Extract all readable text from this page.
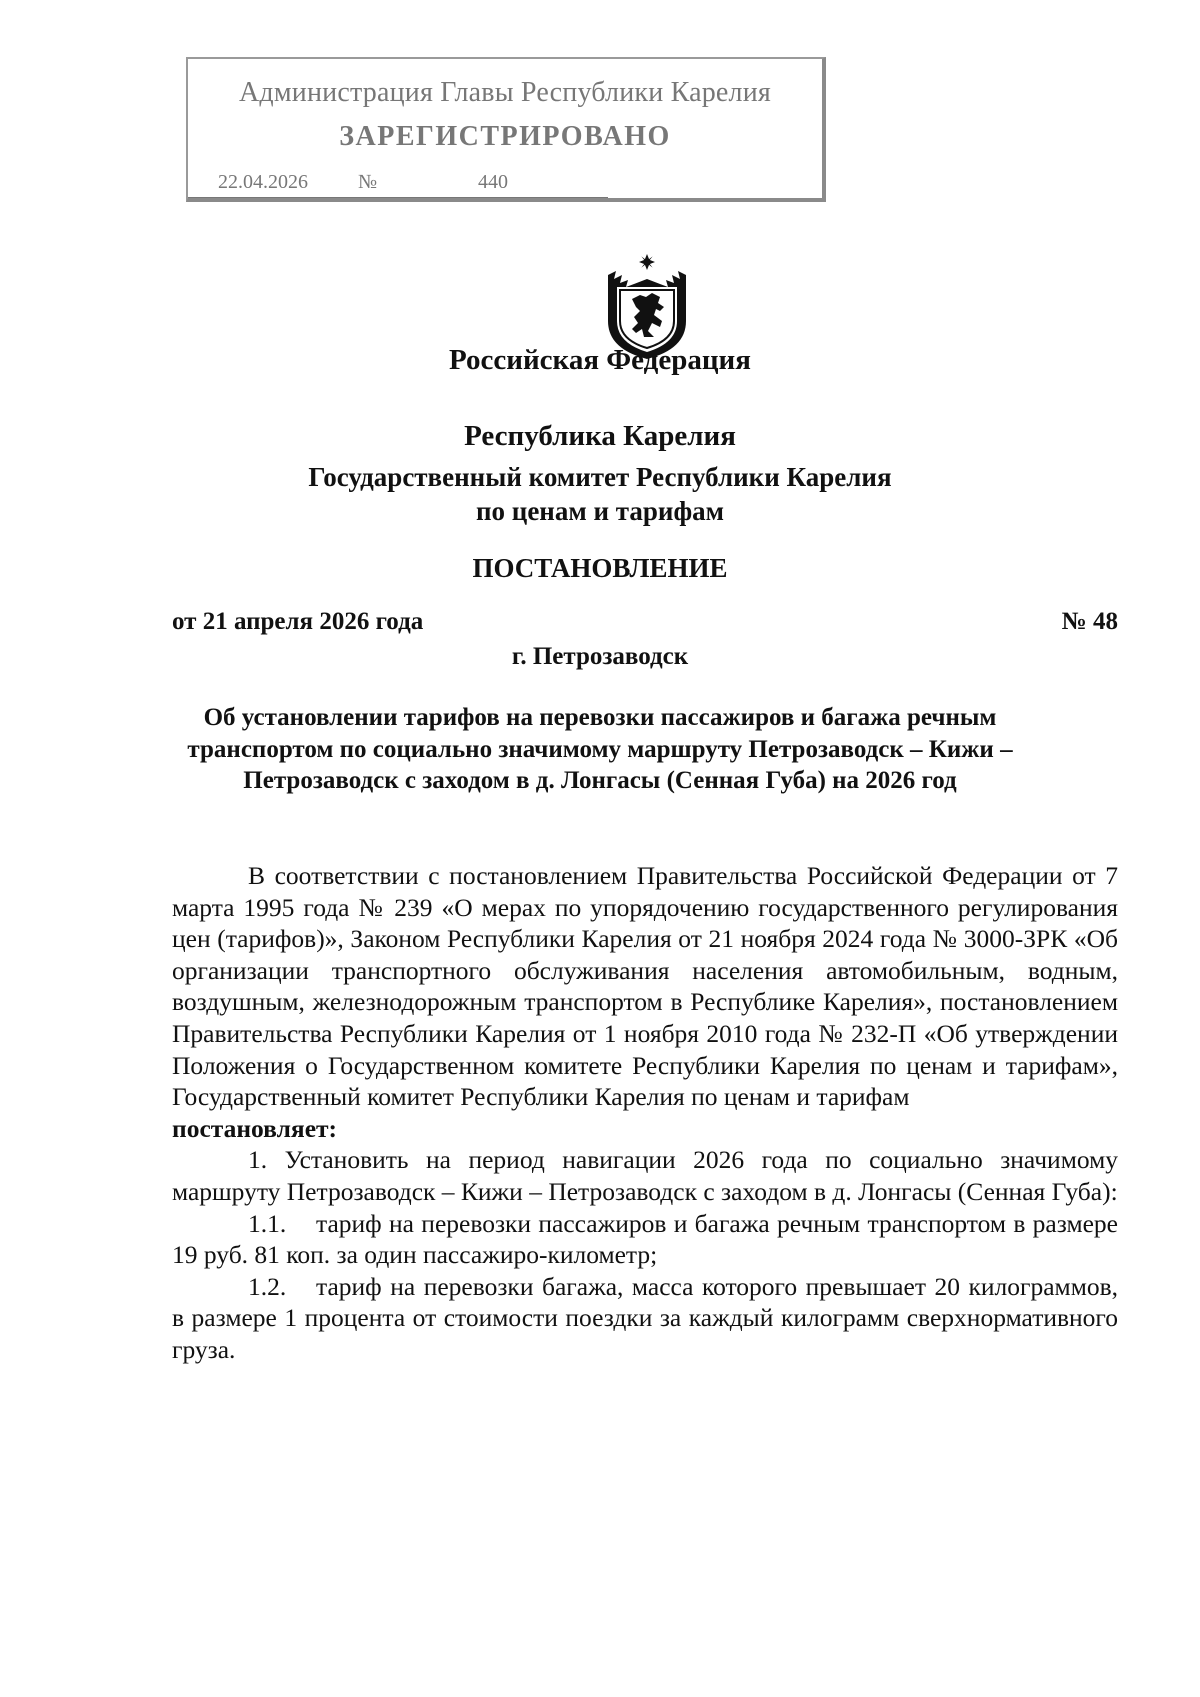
Администрация Главы Республики Карелия
ЗАРЕГИСТРИРОВАНО
22.04.2026	№	440
Российская Федерация
Республика Карелия
Государственный комитет Республики Карелия
по ценам и тарифам
ПОСТАНОВЛЕНИЕ
от 21 апреля 2026 года	№ 48
г. Петрозаводск
Об установлении тарифов на перевозки пассажиров и багажа речным транспортом по социально значимому маршруту Петрозаводск – Кижи – Петрозаводск с заходом в д. Лонгасы (Сенная Губа) на 2026 год

В соответствии с постановлением Правительства Российской Федерации от 7 марта 1995 года № 239 «О мерах по упорядочению государственного регулирования цен (тарифов)», Законом Республики Карелия от 21 ноября 2024 года № 3000-ЗРК «Об организации транспортного обслуживания населения автомобильным, водным, воздушным, железнодорожным транспортом в Республике Карелия», постановлением Правительства Республики Карелия от 1 ноября 2010 года № 232-П «Об утверждении Положения о Государственном комитете Республики Карелия по ценам и тарифам», Государственный комитет Республики Карелия по ценам и тарифам

постановляет:

1. Установить на период навигации 2026 года по социально значимому маршруту Петрозаводск – Кижи – Петрозаводск с заходом в д. Лонгасы (Сенная Губа):

1.1. тариф на перевозки пассажиров и багажа речным транспортом в размере 19 руб. 81 коп. за один пассажиро-километр;

1.2. тариф на перевозки багажа, масса которого превышает 20 килограммов, в размере 1 процента от стоимости поездки за каждый килограмм сверхнормативного груза.
